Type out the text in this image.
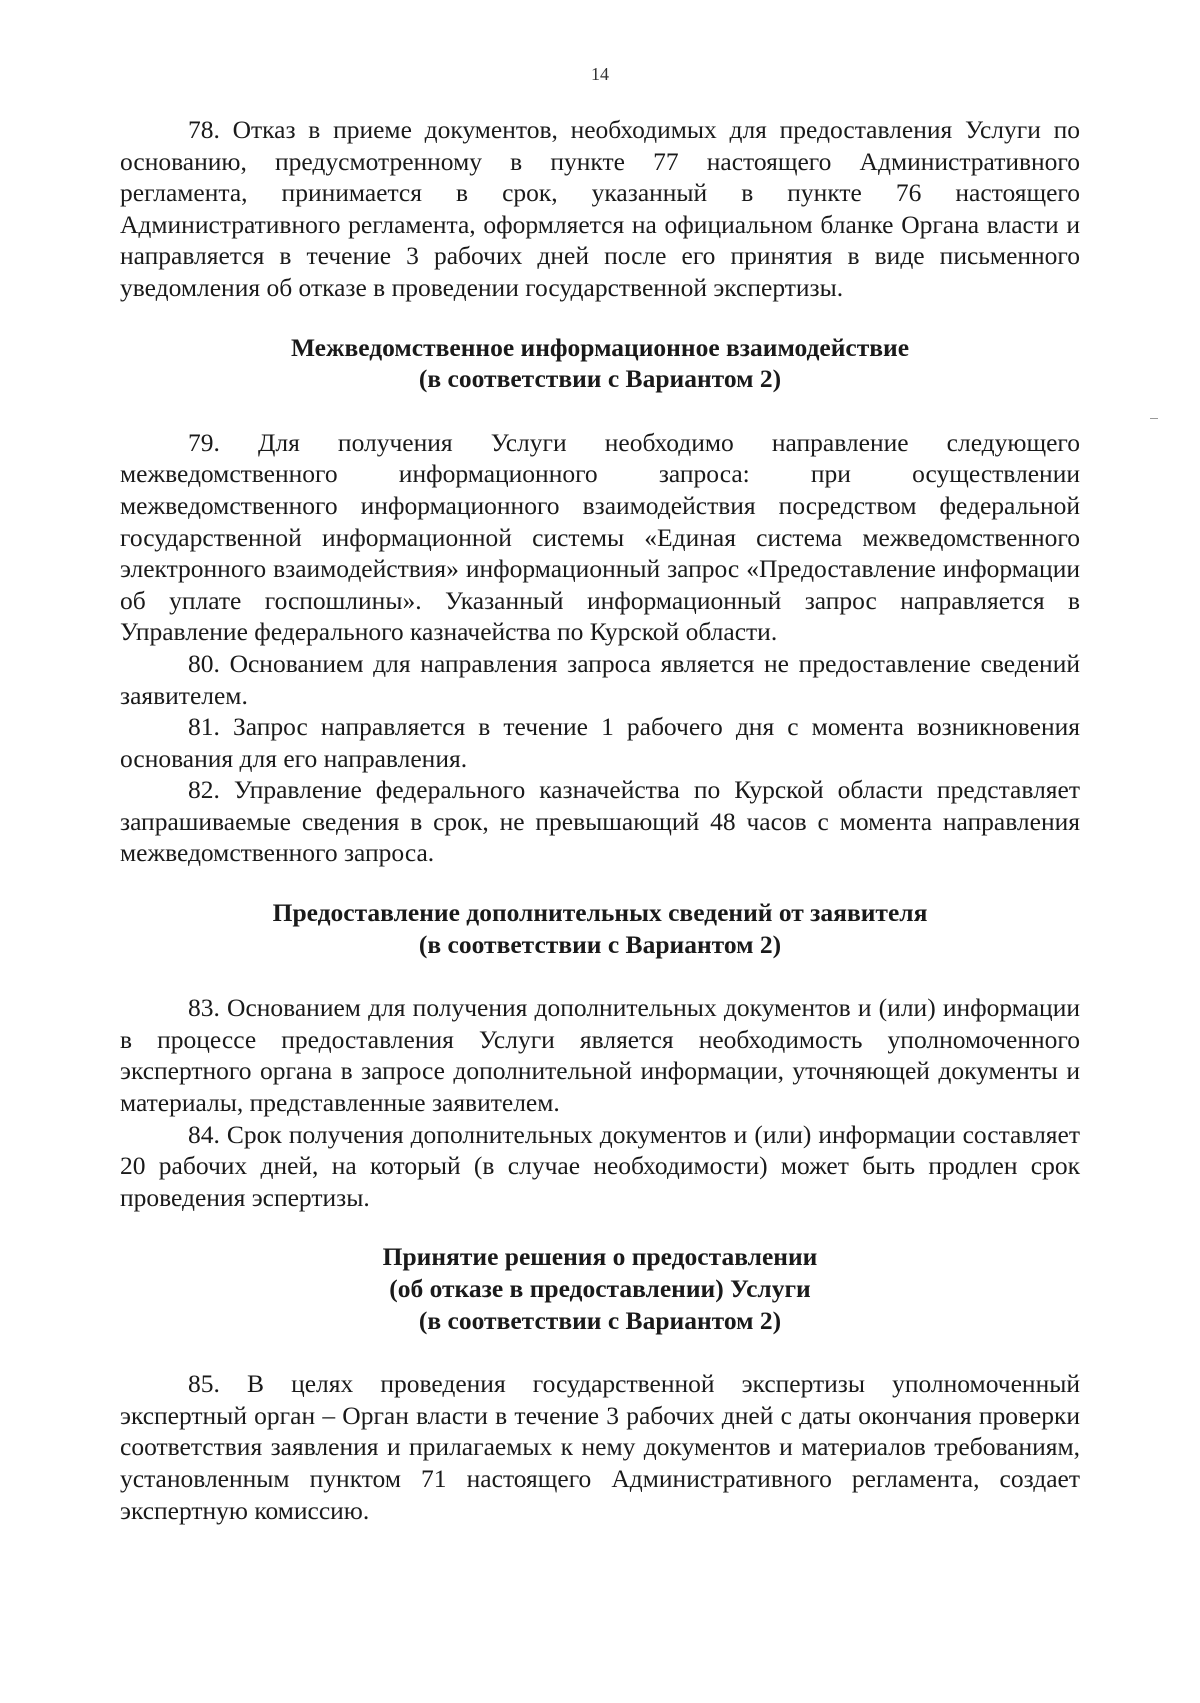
14

78. Отказ в приеме документов, необходимых для предоставления Услуги по основанию, предусмотренному в пункте 77 настоящего Административного регламента, принимается в срок, указанный в пункте 76 настоящего Административного регламента, оформляется на официальном бланке Органа власти и направляется в течение 3 рабочих дней после его принятия в виде письменного уведомления об отказе в проведении государственной экспертизы.

Межведомственное информационное взаимодействие
(в соответствии с Вариантом 2)

79. Для получения Услуги необходимо направление следующего межведомственного информационного запроса: при осуществлении межведомственного информационного взаимодействия посредством федеральной государственной информационной системы «Единая система межведомственного электронного взаимодействия» информационный запрос «Предоставление информации об уплате госпошлины». Указанный информационный запрос направляется в Управление федерального казначейства по Курской области.

80. Основанием для направления запроса является не предоставление сведений заявителем.

81. Запрос направляется в течение 1 рабочего дня с момента возникновения основания для его направления.

82. Управление федерального казначейства по Курской области представляет запрашиваемые сведения в срок, не превышающий 48 часов с момента направления межведомственного запроса.

Предоставление дополнительных сведений от заявителя
(в соответствии с Вариантом 2)

83. Основанием для получения дополнительных документов и (или) информации в процессе предоставления Услуги является необходимость уполномоченного экспертного органа в запросе дополнительной информации, уточняющей документы и материалы, представленные заявителем.

84. Срок получения дополнительных документов и (или) информации составляет 20 рабочих дней, на который (в случае необходимости) может быть продлен срок проведения эспертизы.

Принятие решения о предоставлении
(об отказе в предоставлении) Услуги
(в соответствии с Вариантом 2)

85. В целях проведения государственной экспертизы уполномоченный экспертный орган – Орган власти в течение 3 рабочих дней с даты окончания проверки соответствия заявления и прилагаемых к нему документов и материалов требованиям, установленным пунктом 71 настоящего Административного регламента, создает экспертную комиссию.
